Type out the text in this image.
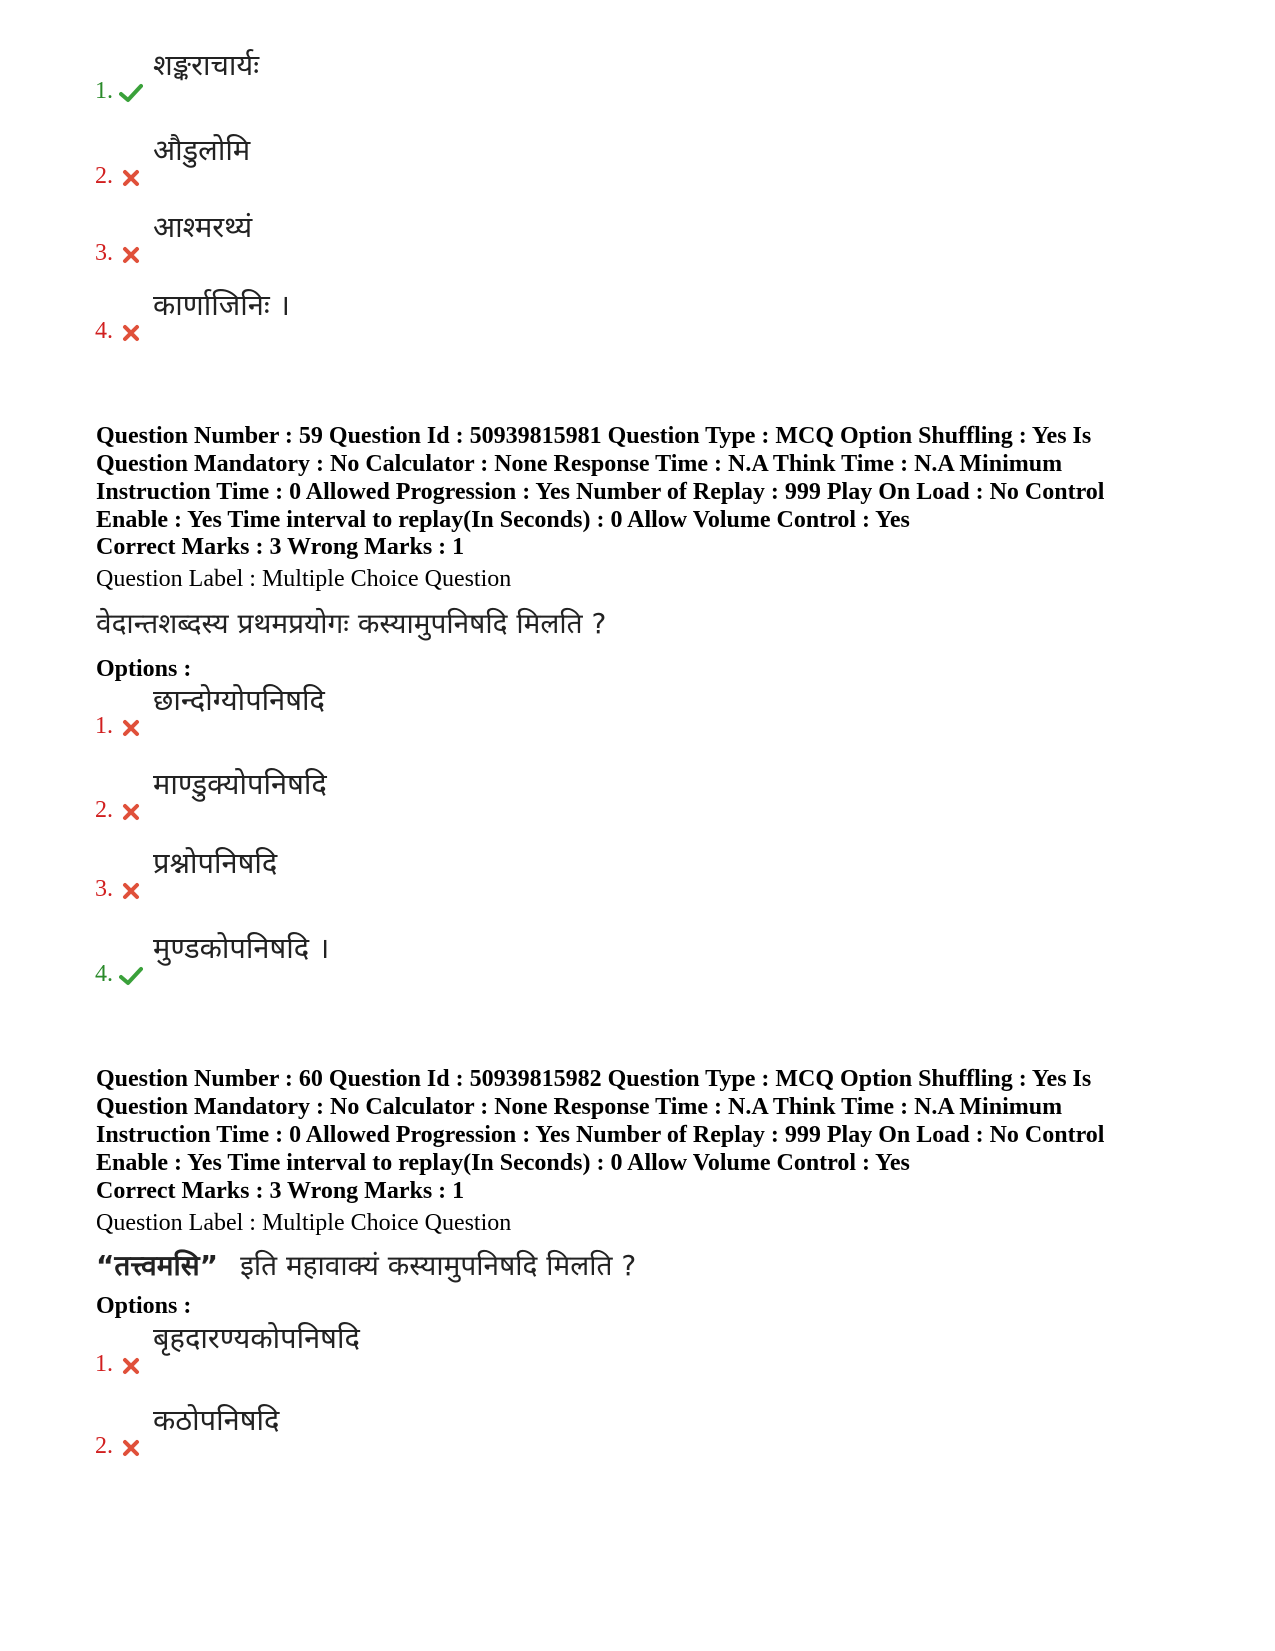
1.
शङ्कराचार्यः
2.
औडुलोमि
3.
आश्मरथ्यं
4.
कार्णाजिनिः ।

Question Number : 59 Question Id : 50939815981 Question Type : MCQ Option Shuffling : Yes Is Question Mandatory : No Calculator : None Response Time : N.A Think Time : N.A Minimum Instruction Time : 0 Allowed Progression : Yes Number of Replay : 999 Play On Load : No Control Enable : Yes Time interval to replay(In Seconds) : 0 Allow Volume Control : Yes

Correct Marks : 3 Wrong Marks : 1

Question Label : Multiple Choice Question

वेदान्तशब्दस्य प्रथमप्रयोगः कस्यामुपनिषदि मिलति ?

Options :

1.
छान्दोग्योपनिषदि
2.
माण्डुक्योपनिषदि
3.
प्रश्नोपनिषदि
4.
मुण्डकोपनिषदि ।

Question Number : 60 Question Id : 50939815982 Question Type : MCQ Option Shuffling : Yes Is Question Mandatory : No Calculator : None Response Time : N.A Think Time : N.A Minimum Instruction Time : 0 Allowed Progression : Yes Number of Replay : 999 Play On Load : No Control Enable : Yes Time interval to replay(In Seconds) : 0 Allow Volume Control : Yes

Correct Marks : 3 Wrong Marks : 1

Question Label : Multiple Choice Question

“तत्त्वमसि” इति महावाक्यं कस्यामुपनिषदि मिलति ?

Options :

1.
बृहदारण्यकोपनिषदि
2.
कठोपनिषदि
